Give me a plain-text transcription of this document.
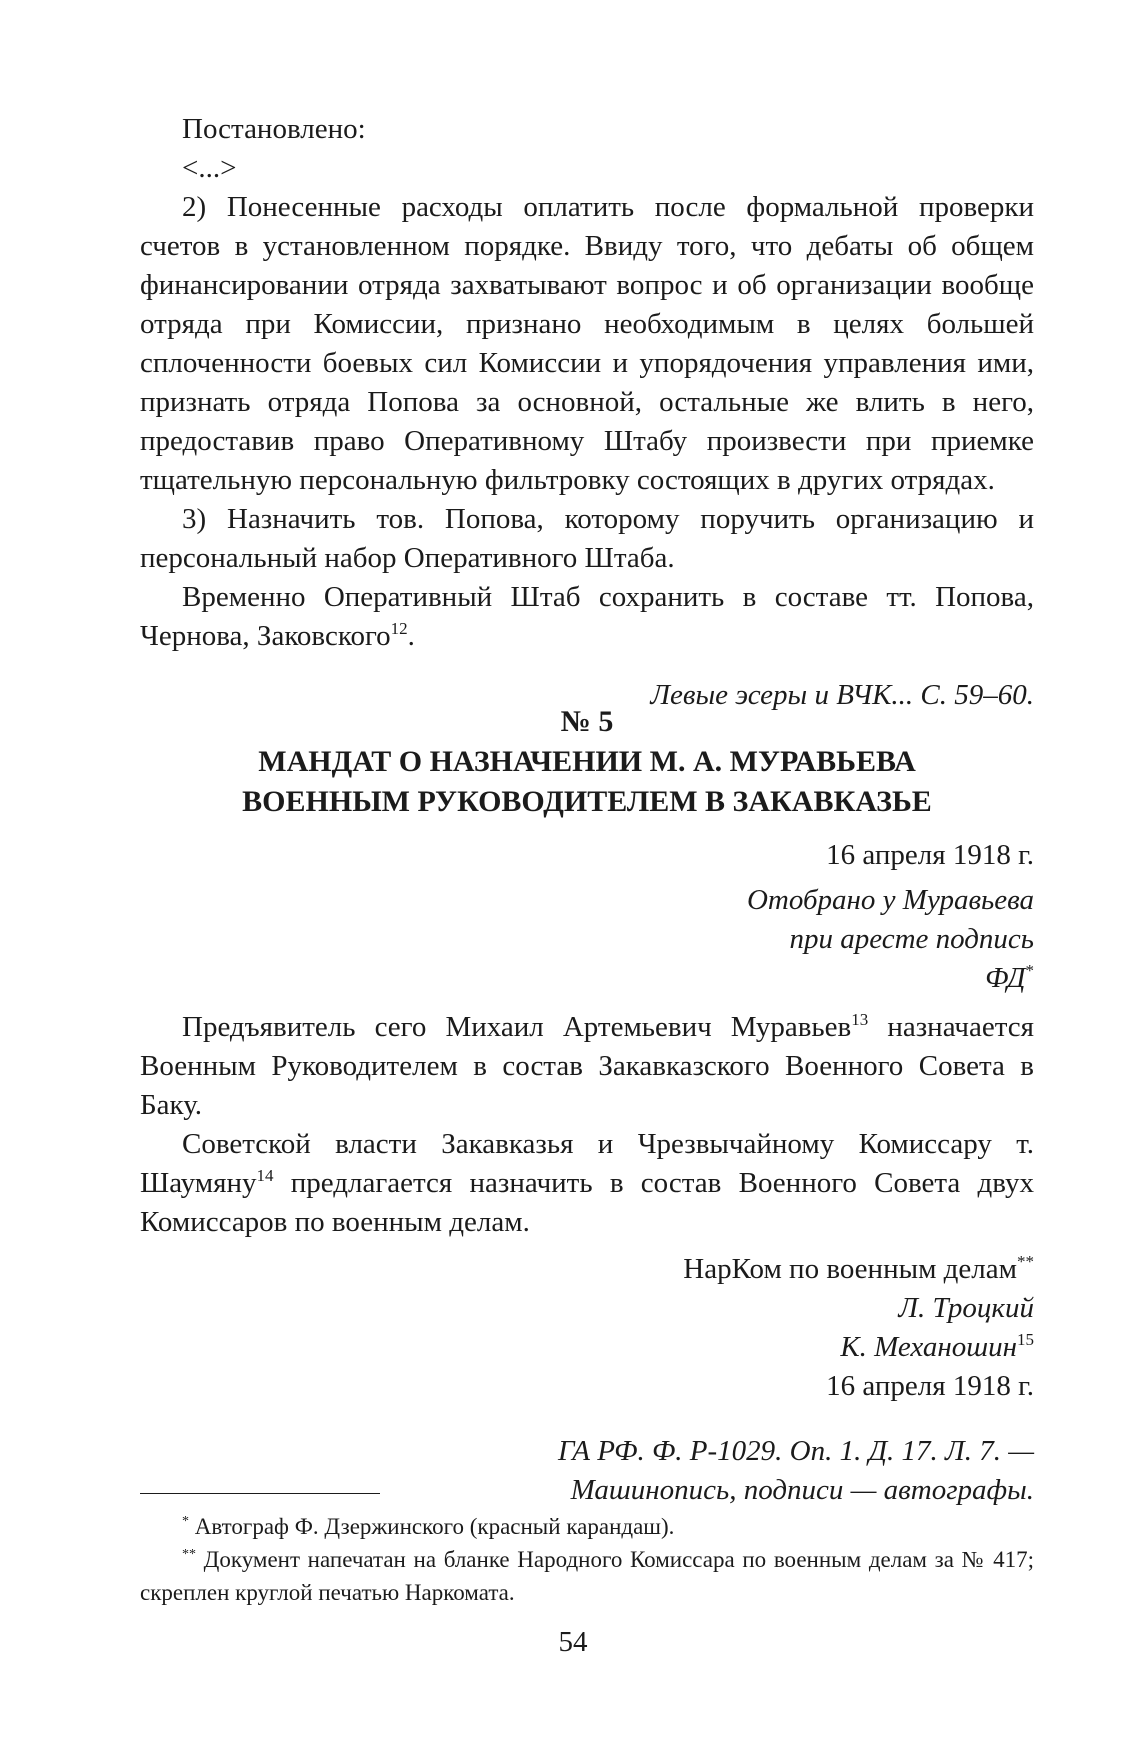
Постановлено:

<...>

2) Понесенные расходы оплатить после формальной проверки счетов в установленном порядке. Ввиду того, что дебаты об общем финансировании отряда захватывают вопрос и об организации вообще отряда при Комиссии, признано необходимым в целях большей сплоченности боевых сил Комиссии и упорядочения управления ими, признать отряда Попова за основной, остальные же влить в него, предоставив право Оперативному Штабу произвести при приемке тщательную персональную фильтровку состоящих в других отрядах.

3) Назначить тов. Попова, которому поручить организацию и персональный набор Оперативного Штаба.

Временно Оперативный Штаб сохранить в составе тт. Попова, Чернова, Заковского$^{12}$.

Левые эсеры и ВЧК... С. 59–60.

№ 5
МАНДАТ О НАЗНАЧЕНИИ М. А. МУРАВЬЕВА
ВОЕННЫМ РУКОВОДИТЕЛЕМ В ЗАКАВКАЗЬЕ

16 апреля 1918 г.

Отобрано у Муравьева

при аресте подпись

ФД*

Предъявитель сего Михаил Артемьевич Муравьев$^{13}$ назначается Военным Руководителем в состав Закавказского Военного Совета в Баку.

Советской власти Закавказья и Чрезвычайному Комиссару т. Шаумяну$^{14}$ предлагается назначить в состав Военного Совета двух Комиссаров по военным делам.

НарКом по военным делам**

Л. Троцкий

К. Механошин$^{15}$

16 апреля 1918 г.

ГА РФ. Ф. Р-1029. Оп. 1. Д. 17. Л. 7. —

Машинопись, подписи — автографы.

* Автограф Ф. Дзержинского (красный карандаш).

** Документ напечатан на бланке Народного Комиссара по военным делам за № 417; скреплен круглой печатью Наркомата.

54
